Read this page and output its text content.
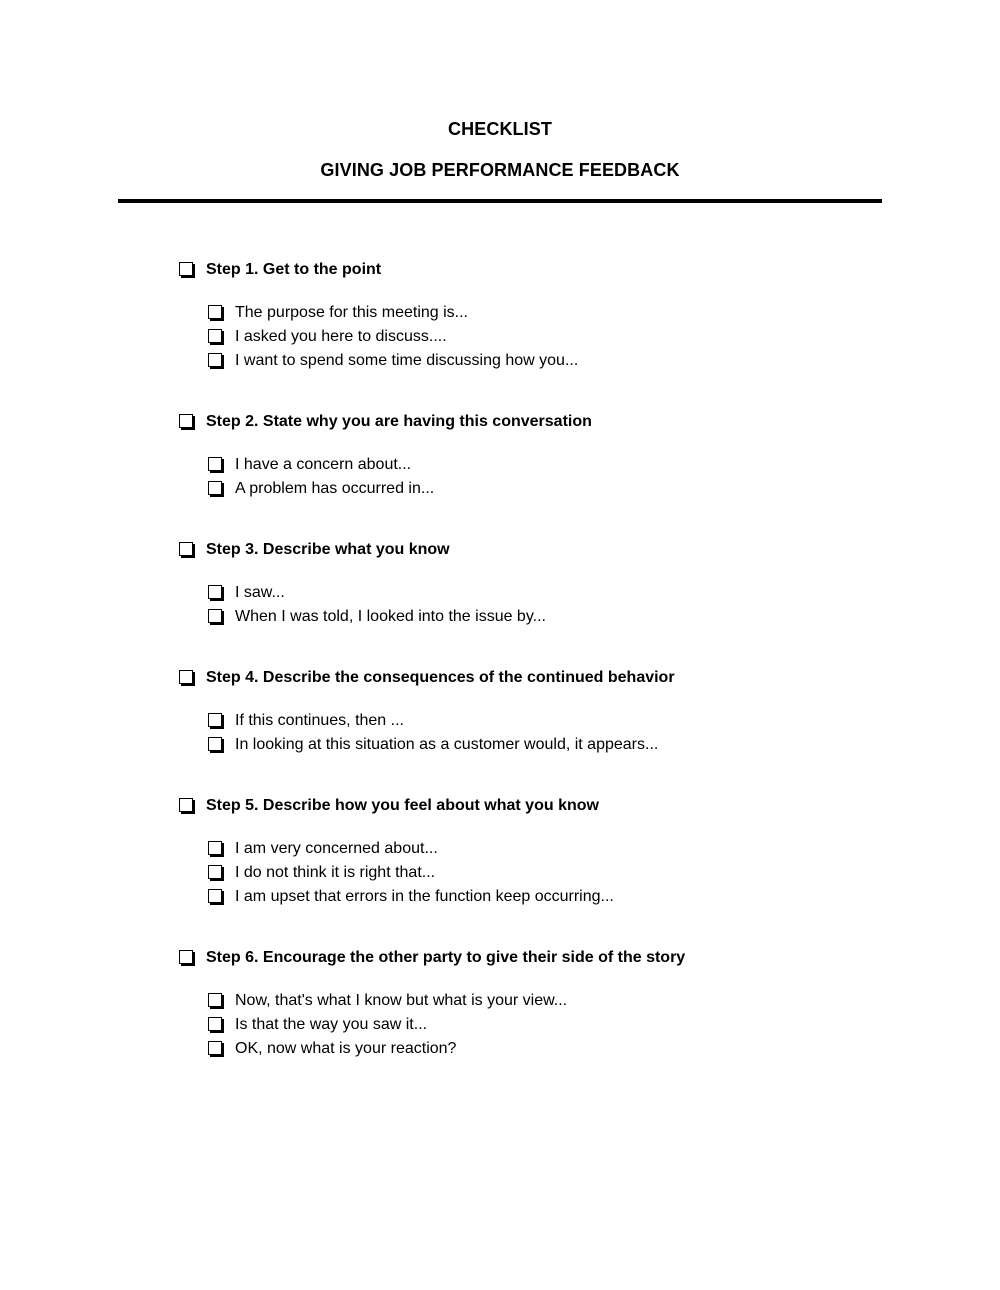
CHECKLIST
GIVING JOB PERFORMANCE FEEDBACK
Step 1. Get to the point
The purpose for this meeting is...
I asked you here to discuss....
I want to spend some time discussing how you...
Step 2. State why you are having this conversation
I have a concern about...
A problem has occurred in...
Step 3. Describe what you know
I saw...
When I was told, I looked into the issue by...
Step 4. Describe the consequences of the continued behavior
If this continues, then ...
In looking at this situation as a customer would, it appears...
Step 5. Describe how you feel about what you know
I am very concerned about...
I do not think it is right that...
I am upset that errors in the function keep occurring...
Step 6. Encourage the other party to give their side of the story
Now, that's what I know but what is your view...
Is that the way you saw it...
OK, now what is your reaction?
